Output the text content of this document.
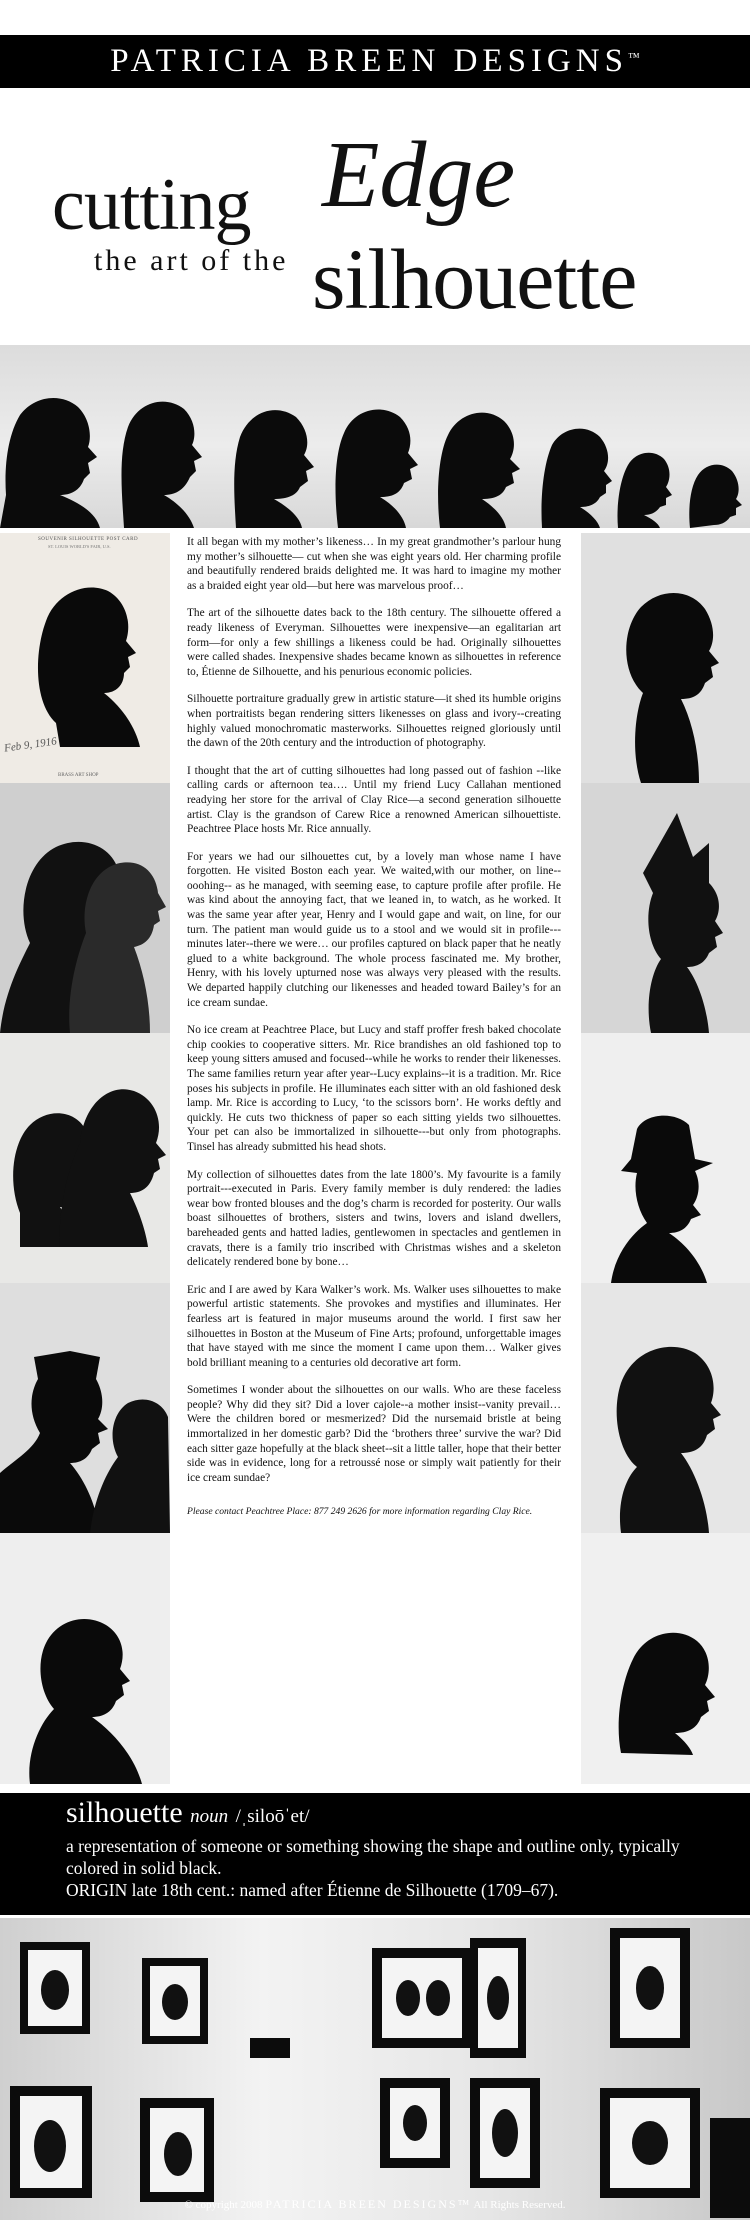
PATRICIA BREEN DESIGNS™
cutting Edge
the art of the silhouette
SOUVENIR SILHOUETTE POST CARD
ST. LOUIS WORLD'S FAIR, U.S.
Feb 9, 1916
BRASS ART SHOP

It all began with my mother’s likeness… In my great grandmother’s parlour hung my mother’s silhouette— cut when she was eight years old. Her charming profile and beautifully rendered braids delighted me. It was hard to imagine my mother as a braided eight year old—but here was marvelous proof…

The art of the silhouette dates back to the 18th century. The silhouette offered a ready likeness of Everyman. Silhouettes were inexpensive—an egalitarian art form—for only a few shillings a likeness could be had. Originally silhouettes were called shades. Inexpensive shades became known as silhouettes in reference to, Étienne de Silhouette, and his penurious economic policies.

Silhouette portraiture gradually grew in artistic stature—it shed its humble origins when portraitists began rendering sitters likenesses on glass and ivory--creating highly valued monochromatic masterworks. Silhouettes reigned gloriously until the dawn of the 20th century and the introduction of photography.

I thought that the art of cutting silhouettes had long passed out of fashion --like calling cards or afternoon tea…. Until my friend Lucy Callahan mentioned readying her store for the arrival of Clay Rice—a second generation silhouette artist. Clay is the grandson of Carew Rice a renowned American silhouettiste. Peachtree Place hosts Mr. Rice annually.

For years we had our silhouettes cut, by a lovely man whose name I have forgotten. He visited Boston each year. We waited,with our mother, on line--ooohing-- as he managed, with seeming ease, to capture profile after profile. He was kind about the annoying fact, that we leaned in, to watch, as he worked. It was the same year after year, Henry and I would gape and wait, on line, for our turn. The patient man would guide us to a stool and we would sit in profile---minutes later--there we were… our profiles captured on black paper that he neatly glued to a white background. The whole process fascinated me. My brother, Henry, with his lovely upturned nose was always very pleased with the results. We departed happily clutching our likenesses and headed toward Bailey’s for an ice cream sundae.

No ice cream at Peachtree Place, but Lucy and staff proffer fresh baked chocolate chip cookies to cooperative sitters. Mr. Rice brandishes an old fashioned top to keep young sitters amused and focused--while he works to render their likenesses. The same families return year after year--Lucy explains--it is a tradition. Mr. Rice poses his subjects in profile. He illuminates each sitter with an old fashioned desk lamp. Mr. Rice is according to Lucy, ‘to the scissors born’. He works deftly and quickly. He cuts two thickness of paper so each sitting yields two silhouettes. Your pet can also be immortalized in silhouette---but only from photographs. Tinsel has already submitted his head shots.

My collection of silhouettes dates from the late 1800’s. My favourite is a family portrait---executed in Paris. Every family member is duly rendered: the ladies wear bow fronted blouses and the dog’s charm is recorded for posterity. Our walls boast silhouettes of brothers, sisters and twins, lovers and island dwellers, bareheaded gents and hatted ladies, gentlewomen in spectacles and gentlemen in cravats, there is a family trio inscribed with Christmas wishes and a skeleton delicately rendered bone by bone…

Eric and I are awed by Kara Walker’s work. Ms. Walker uses silhouettes to make powerful artistic statements. She provokes and mystifies and illuminates. Her fearless art is featured in major museums around the world. I first saw her silhouettes in Boston at the Museum of Fine Arts; profound, unforgettable images that have stayed with me since the moment I came upon them… Walker gives bold brilliant meaning to a centuries old decorative art form.

Sometimes I wonder about the silhouettes on our walls. Who are these faceless people? Why did they sit? Did a lover cajole--a mother insist--vanity prevail… Were the children bored or mesmerized? Did the nursemaid bristle at being immortalized in her domestic garb? Did the ‘brothers three’ survive the war? Did each sitter gaze hopefully at the black sheet--sit a little taller, hope that their better side was in evidence, long for a retroussé nose or simply wait patiently for their ice cream sundae?

Please contact Peachtree Place: 877 249 2626 for more information regarding Clay Rice.

silhouette noun /ˌsiloōˈet/
a representation of someone or something showing the shape and outline only, typically colored in solid black.
ORIGIN late 18th cent.: named after Étienne de Silhouette (1709–67).
© copyright 2008 PATRICIA BREEN DESIGNS™ All Rights Reserved.
